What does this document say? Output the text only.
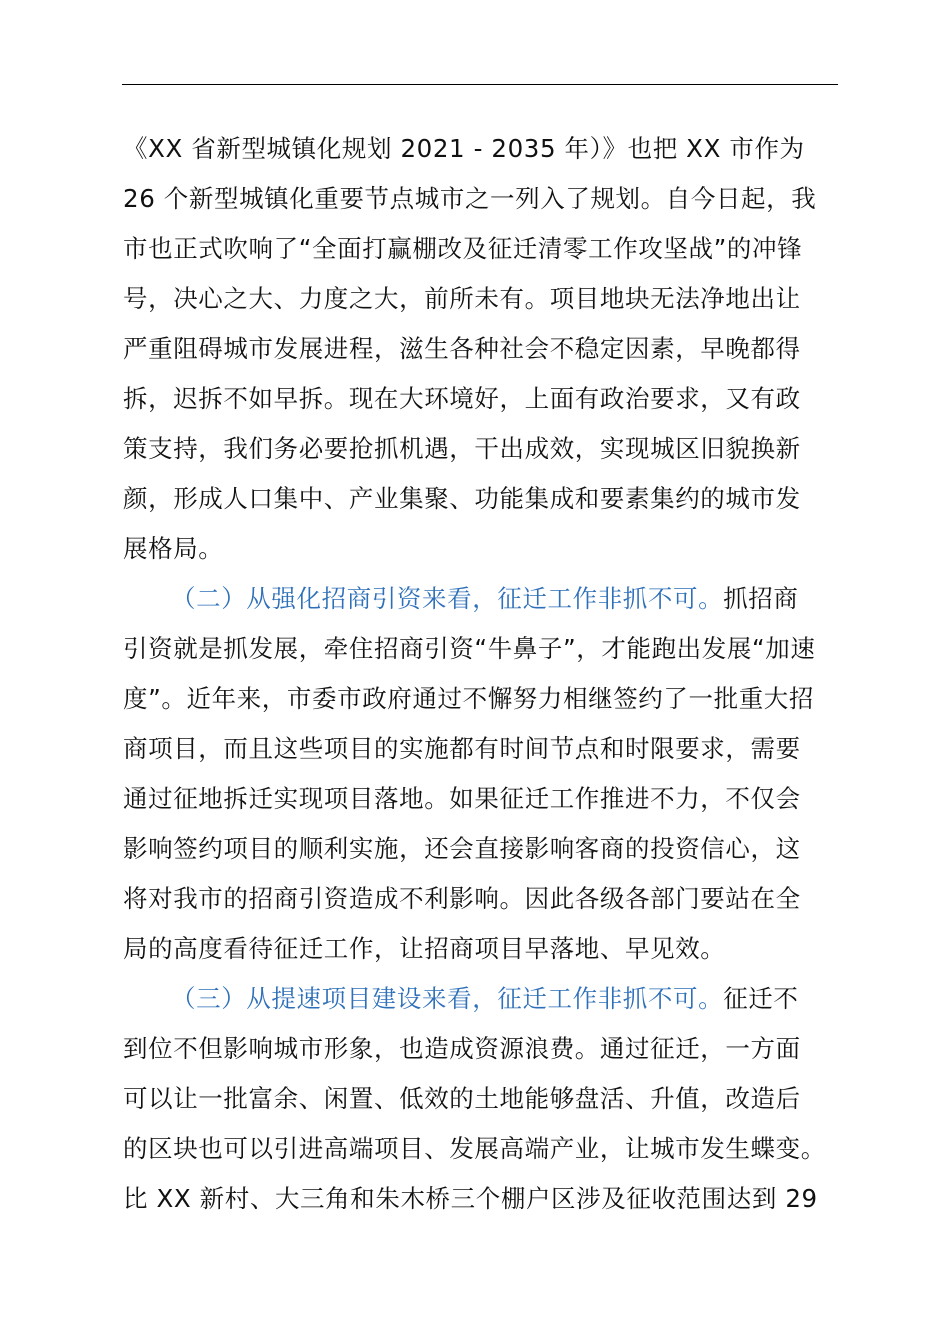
《XX 省新型城镇化规划 2021 - 2035 年）》也把 XX 市作为
26 个新型城镇化重要节点城市之一列入了规划。自今日起，我
市也正式吹响了“全面打赢棚改及征迁清零工作攻坚战”的冲锋
号，决心之大、力度之大，前所未有。项目地块无法净地出让
严重阻碍城市发展进程，滋生各种社会不稳定因素，早晚都得
拆，迟拆不如早拆。现在大环境好，上面有政治要求，又有政
策支持，我们务必要抢抓机遇，干出成效，实现城区旧貌换新
颜，形成人口集中、产业集聚、功能集成和要素集约的城市发
展格局。
（二）从强化招商引资来看，征迁工作非抓不可。抓招商
引资就是抓发展，牵住招商引资“牛鼻子”，才能跑出发展“加速
度”。近年来，市委市政府通过不懈努力相继签约了一批重大招
商项目，而且这些项目的实施都有时间节点和时限要求，需要
通过征地拆迁实现项目落地。如果征迁工作推进不力，不仅会
影响签约项目的顺利实施，还会直接影响客商的投资信心，这
将对我市的招商引资造成不利影响。因此各级各部门要站在全
局的高度看待征迁工作，让招商项目早落地、早见效。
（三）从提速项目建设来看，征迁工作非抓不可。征迁不
到位不但影响城市形象，也造成资源浪费。通过征迁，一方面
可以让一批富余、闲置、低效的土地能够盘活、升值，改造后
的区块也可以引进高端项目、发展高端产业，让城市发生蝶变。
比 XX 新村、大三角和朱木桥三个棚户区涉及征收范围达到 29
